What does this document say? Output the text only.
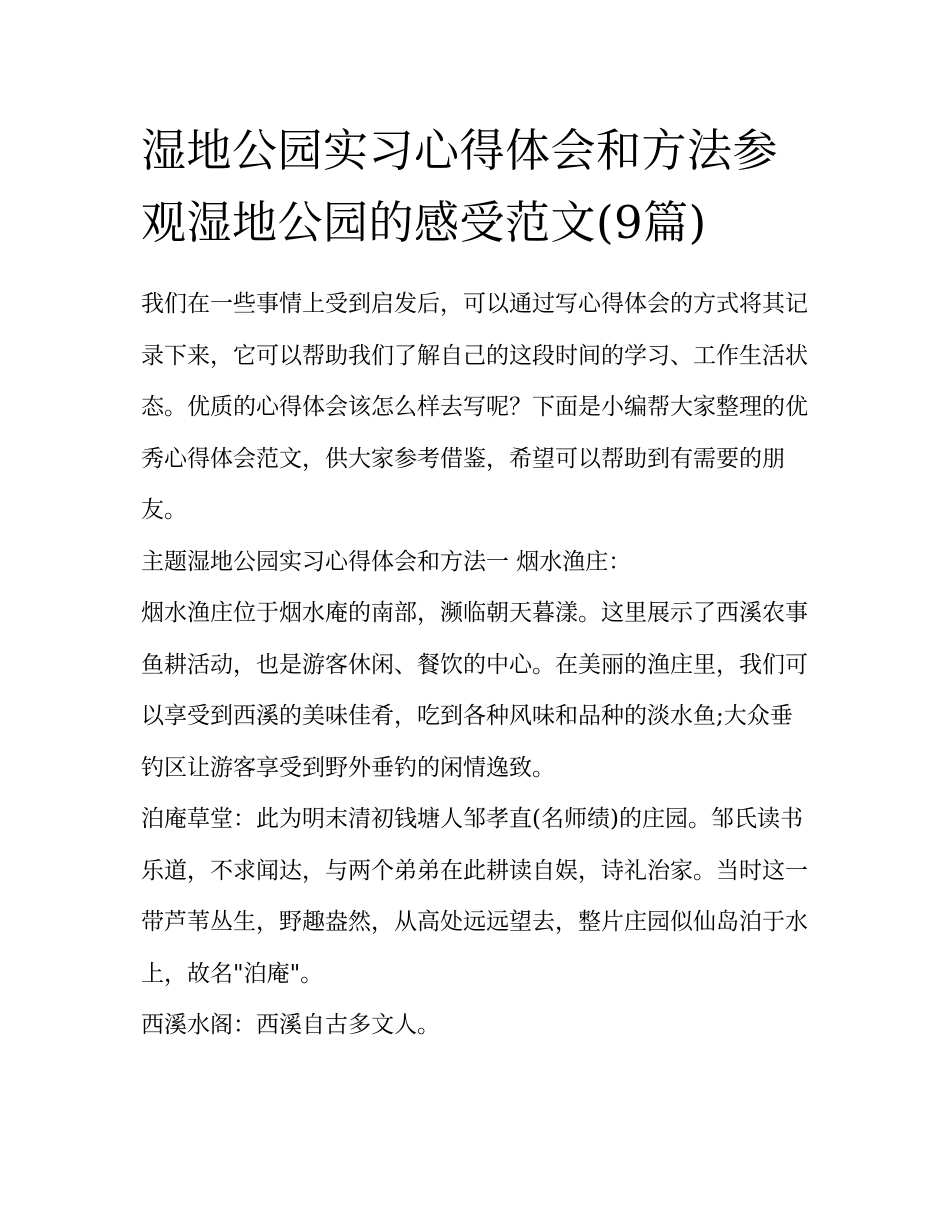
湿地公园实习心得体会和方法参观湿地公园的感受范文(9篇)

我们在一些事情上受到启发后，可以通过写心得体会的方式将其记录下来，它可以帮助我们了解自己的这段时间的学习、工作生活状态。优质的心得体会该怎么样去写呢？下面是小编帮大家整理的优秀心得体会范文，供大家参考借鉴，希望可以帮助到有需要的朋友。

主题湿地公园实习心得体会和方法一 烟水渔庄：

烟水渔庄位于烟水庵的南部，濒临朝天暮漾。这里展示了西溪农事鱼耕活动，也是游客休闲、餐饮的中心。在美丽的渔庄里，我们可以享受到西溪的美味佳肴，吃到各种风味和品种的淡水鱼;大众垂钓区让游客享受到野外垂钓的闲情逸致。

泊庵草堂：此为明末清初钱塘人邹孝直(名师绩)的庄园。邹氏读书乐道，不求闻达，与两个弟弟在此耕读自娱，诗礼治家。当时这一带芦苇丛生，野趣盎然，从高处远远望去，整片庄园似仙岛泊于水上，故名"泊庵"。

西溪水阁：西溪自古多文人。
